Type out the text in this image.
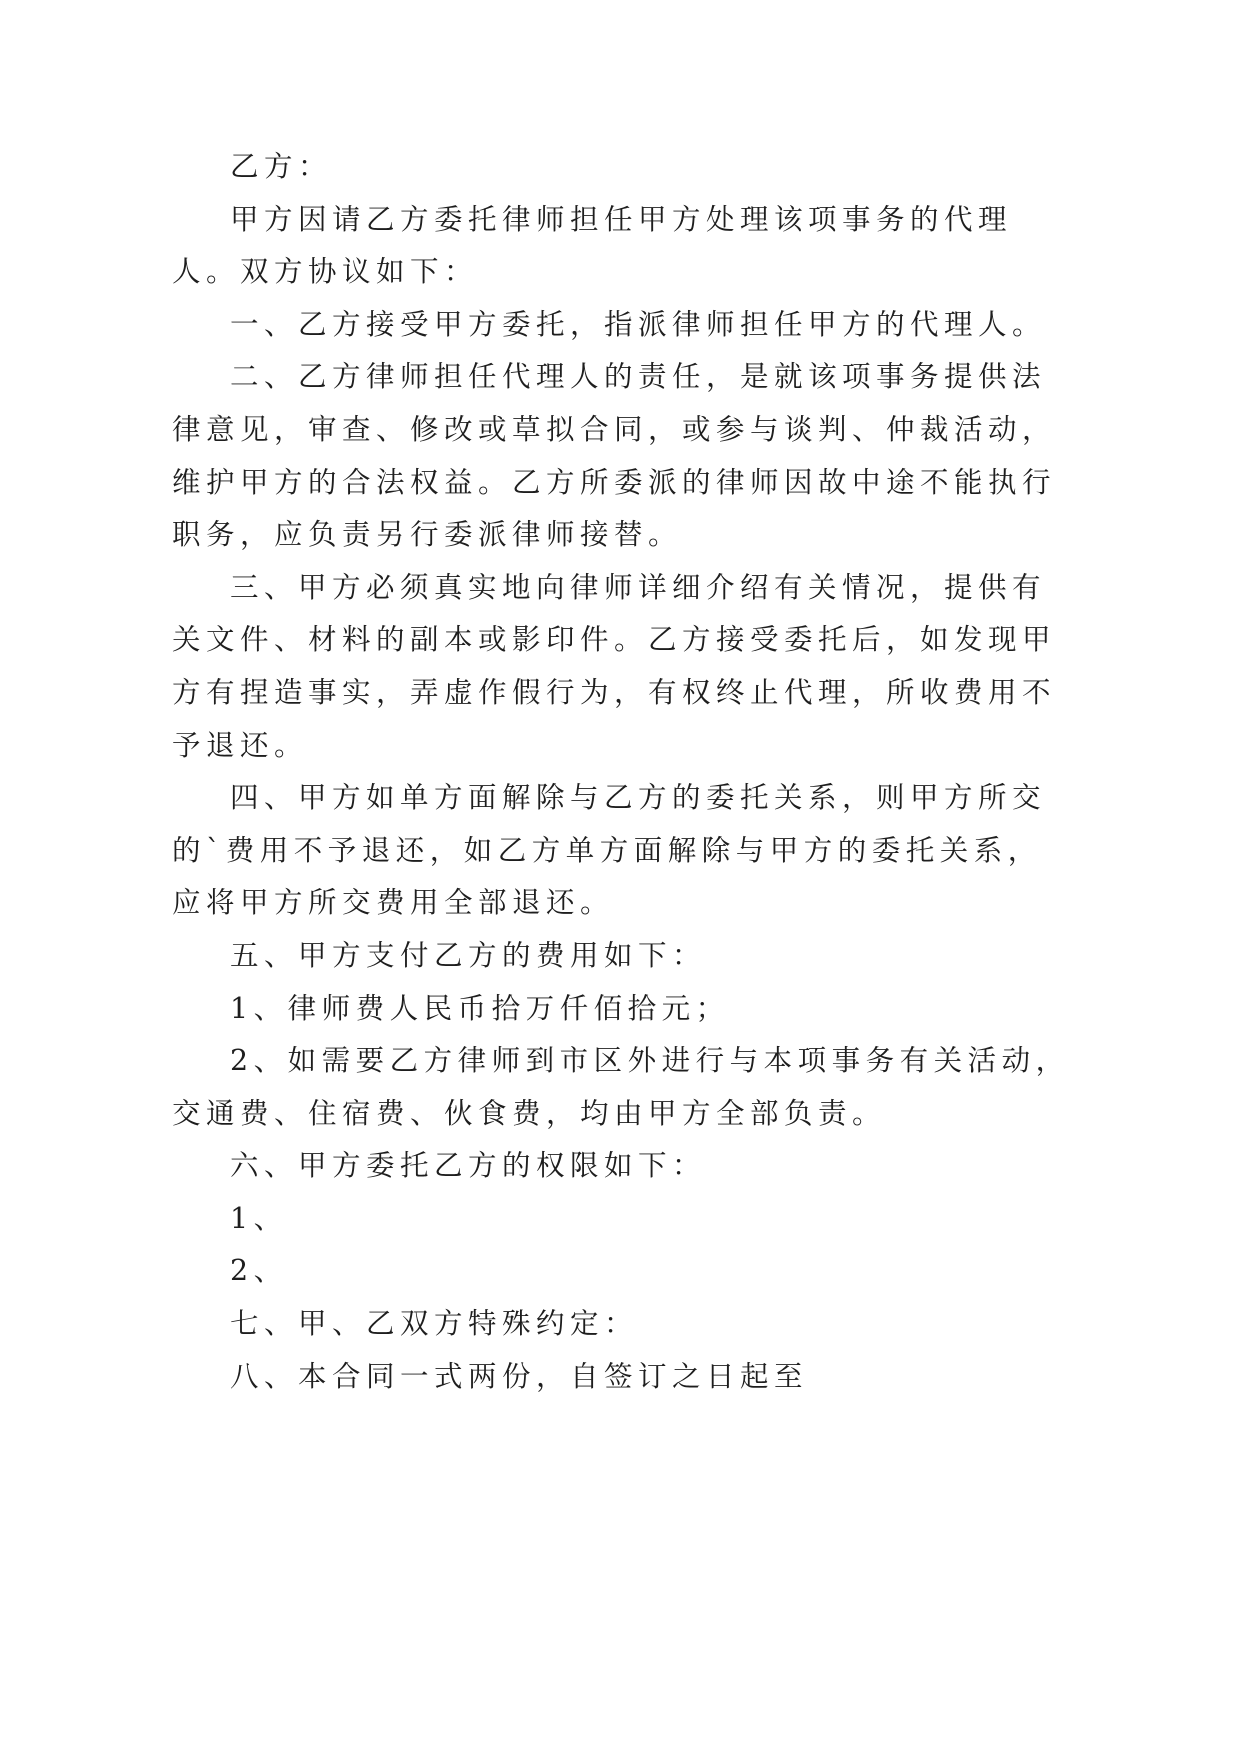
乙方：
甲方因请乙方委托律师担任甲方处理该项事务的代理
人。双方协议如下：
一、乙方接受甲方委托，指派律师担任甲方的代理人。
二、乙方律师担任代理人的责任，是就该项事务提供法
律意见，审查、修改或草拟合同，或参与谈判、仲裁活动，
维护甲方的合法权益。乙方所委派的律师因故中途不能执行
职务，应负责另行委派律师接替。
三、甲方必须真实地向律师详细介绍有关情况，提供有
关文件、材料的副本或影印件。乙方接受委托后，如发现甲
方有捏造事实，弄虚作假行为，有权终止代理，所收费用不
予退还。
四、甲方如单方面解除与乙方的委托关系，则甲方所交
的`费用不予退还，如乙方单方面解除与甲方的委托关系，
应将甲方所交费用全部退还。
五、甲方支付乙方的费用如下：
1、律师费人民币拾万仟佰拾元；
2、如需要乙方律师到市区外进行与本项事务有关活动，
交通费、住宿费、伙食费，均由甲方全部负责。
六、甲方委托乙方的权限如下：
1、
2、
七、甲、乙双方特殊约定：
八、本合同一式两份，自签订之日起至
